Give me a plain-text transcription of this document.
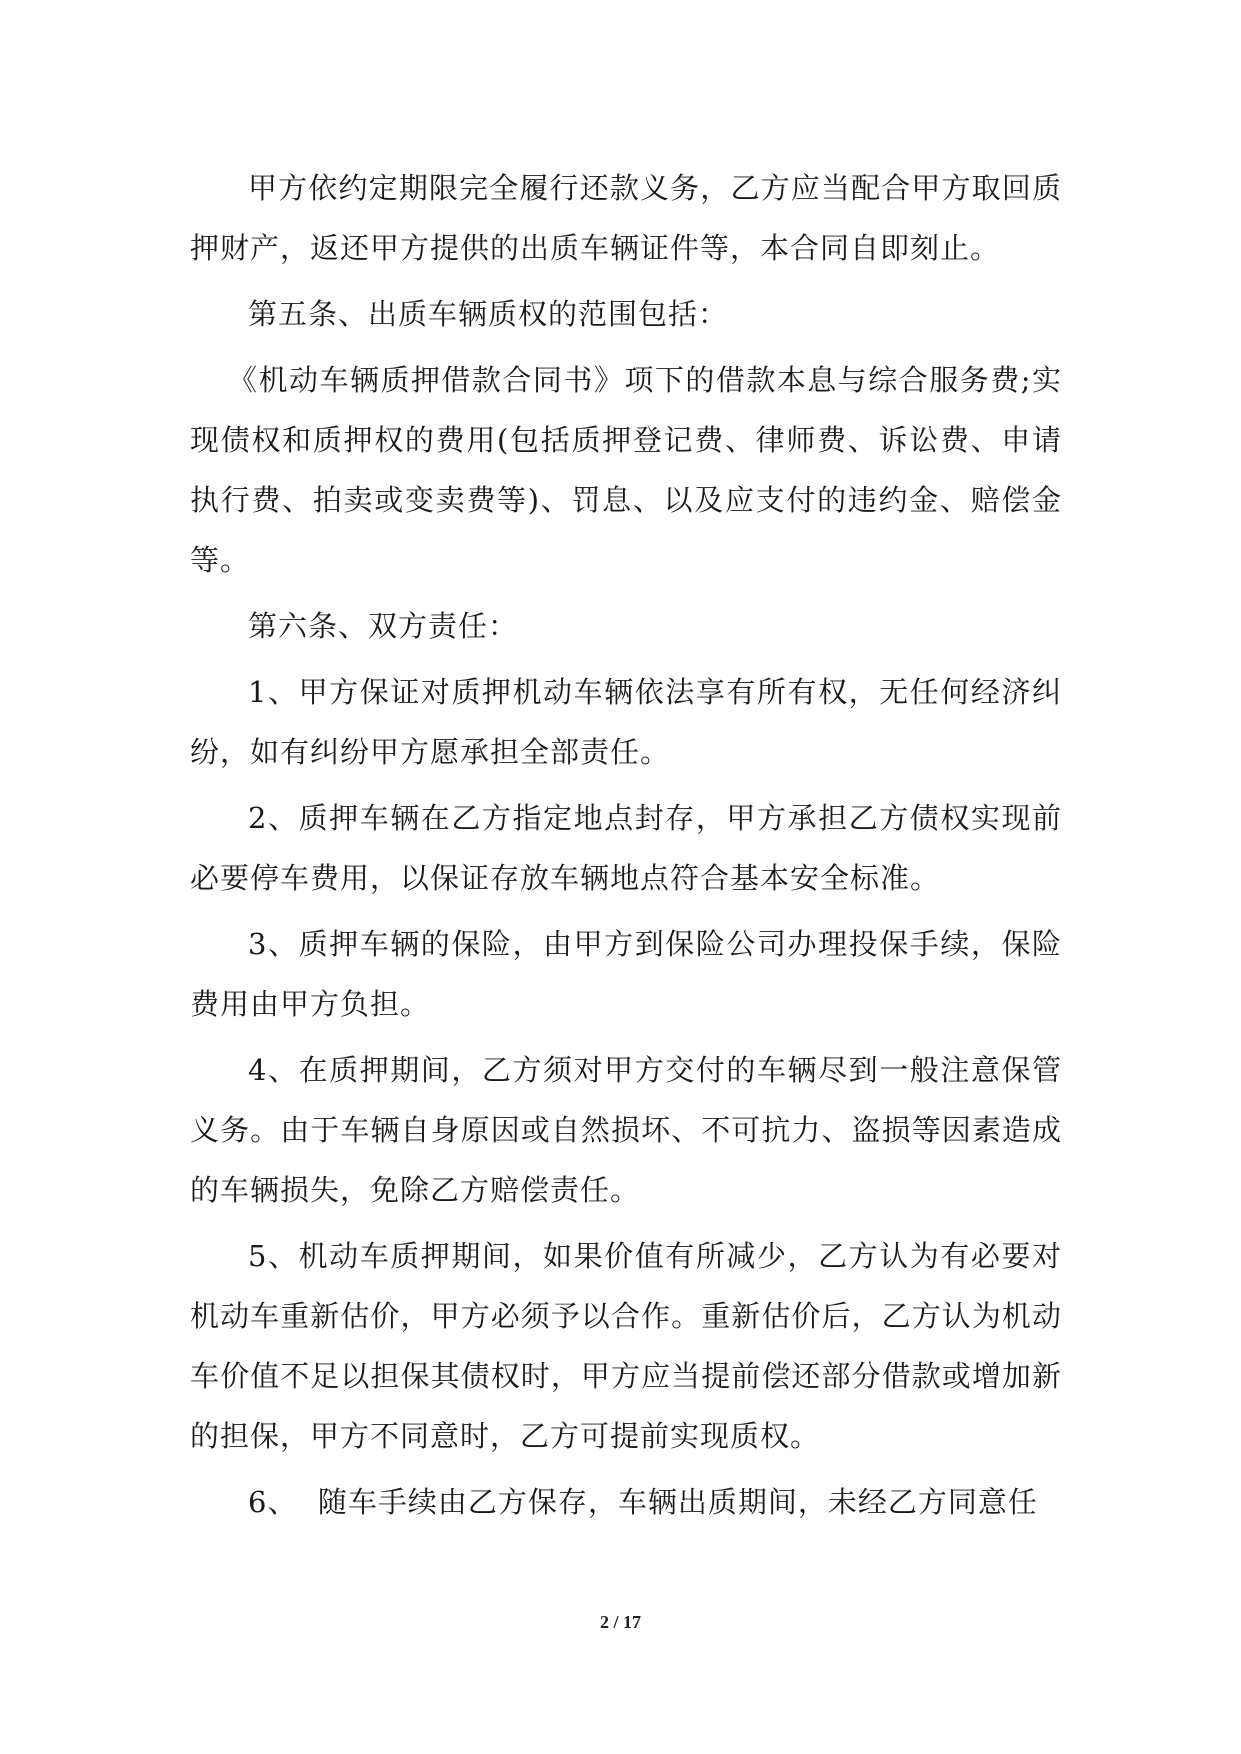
甲方依约定期限完全履行还款义务，乙方应当配合甲方取回质押财产，返还甲方提供的出质车辆证件等，本合同自即刻止。

第五条、出质车辆质权的范围包括：

《机动车辆质押借款合同书》项下的借款本息与综合服务费;实现债权和质押权的费用(包括质押登记费、律师费、诉讼费、申请执行费、拍卖或变卖费等)、罚息、以及应支付的违约金、赔偿金等。

第六条、双方责任：

1、甲方保证对质押机动车辆依法享有所有权，无任何经济纠纷，如有纠纷甲方愿承担全部责任。

2、质押车辆在乙方指定地点封存，甲方承担乙方债权实现前必要停车费用，以保证存放车辆地点符合基本安全标准。

3、质押车辆的保险，由甲方到保险公司办理投保手续，保险费用由甲方负担。

4、在质押期间，乙方须对甲方交付的车辆尽到一般注意保管义务。由于车辆自身原因或自然损坏、不可抗力、盗损等因素造成的车辆损失，免除乙方赔偿责任。

5、机动车质押期间，如果价值有所减少，乙方认为有必要对机动车重新估价，甲方必须予以合作。重新估价后，乙方认为机动车价值不足以担保其债权时，甲方应当提前偿还部分借款或增加新的担保，甲方不同意时，乙方可提前实现质权。

6、  随车手续由乙方保存，车辆出质期间，未经乙方同意任

2 / 17
